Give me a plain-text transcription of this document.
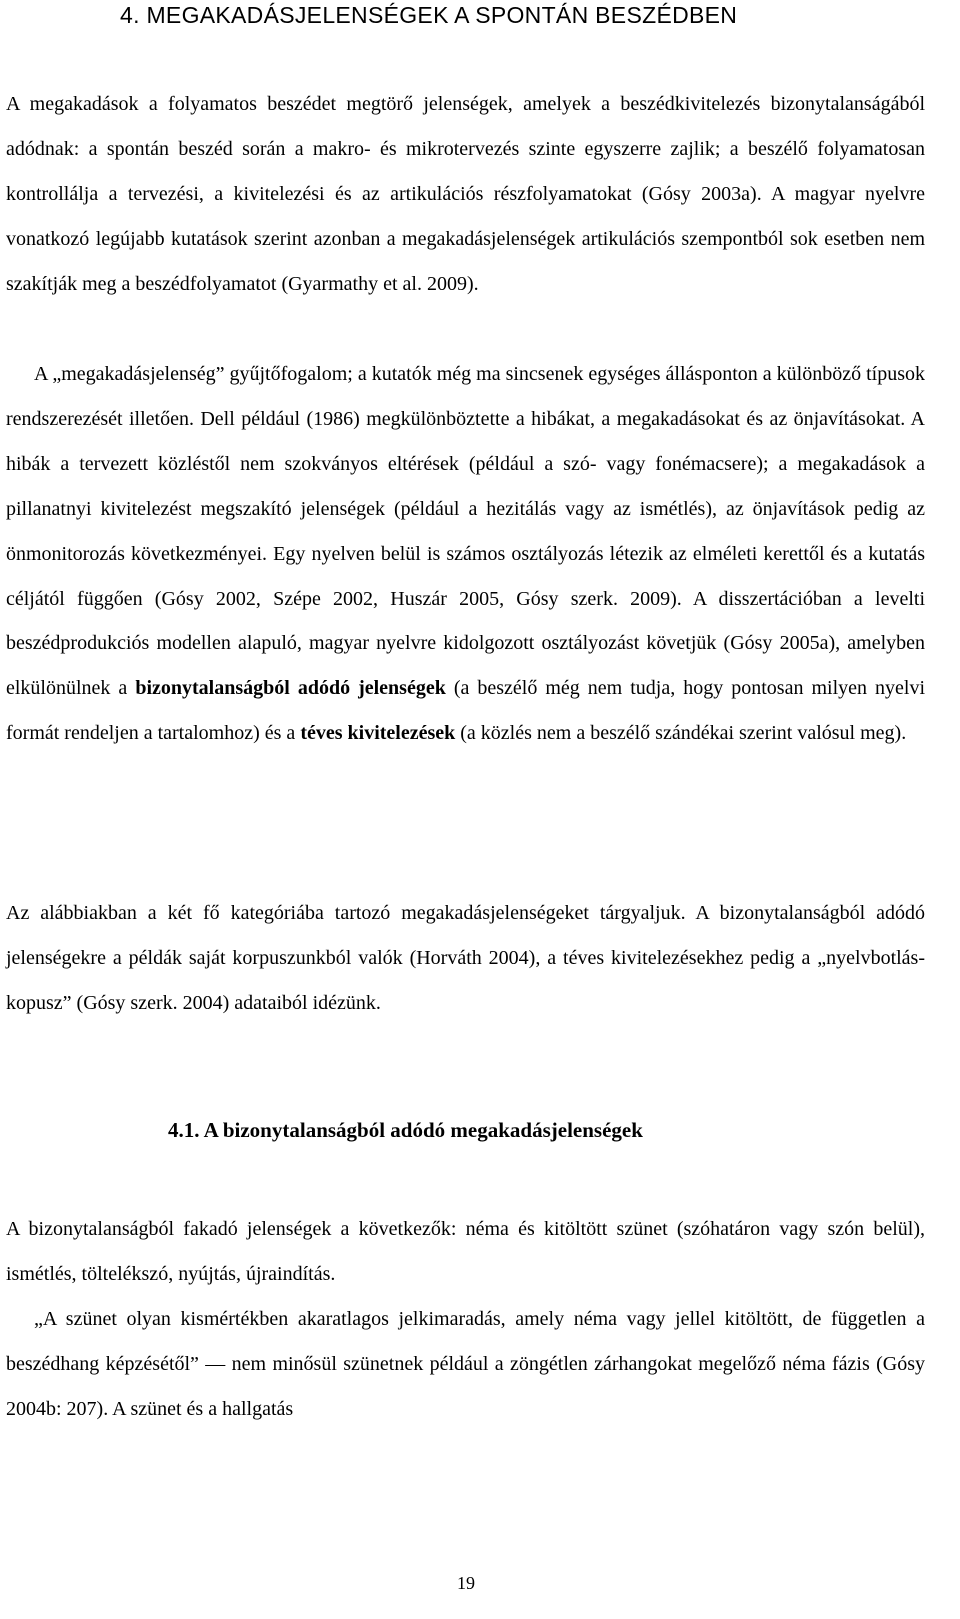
4. MEGAKADÁSJELENSÉGEK A SPONTÁN BESZÉDBEN

A megakadások a folyamatos beszédet megtörő jelenségek, amelyek a beszédkivitelezés bizonytalanságából adódnak: a spontán beszéd során a makro- és mikrotervezés szinte egyszerre zajlik; a beszélő folyamatosan kontrollálja a tervezési, a kivitelezési és az artikulációs részfolyamatokat (Gósy 2003a). A magyar nyelvre vonatkozó legújabb kutatások szerint azonban a megakadásjelenségek artikulációs szempontból sok esetben nem szakítják meg a beszédfolyamatot (Gyarmathy et al. 2009).

A „megakadásjelenség” gyűjtőfogalom; a kutatók még ma sincsenek egységes állásponton a különböző típusok rendszerezését illetően. Dell például (1986) megkülönböztette a hibákat, a megakadásokat és az önjavításokat. A hibák a tervezett közléstől nem szokványos eltérések (például a szó- vagy fonémacsere); a megakadások a pillanatnyi kivitelezést megszakító jelenségek (például a hezitálás vagy az ismétlés), az önjavítások pedig az önmonitorozás következményei. Egy nyelven belül is számos osztályozás létezik az elméleti kerettől és a kutatás céljától függően (Gósy 2002, Szépe 2002, Huszár 2005, Gósy szerk. 2009). A disszertációban a levelti beszédprodukciós modellen alapuló, magyar nyelvre kidolgozott osztályozást követjük (Gósy 2005a), amelyben elkülönülnek a bizonytalanságból adódó jelenségek (a beszélő még nem tudja, hogy pontosan milyen nyelvi formát rendeljen a tartalomhoz) és a téves kivitelezések (a közlés nem a beszélő szándékai szerint valósul meg).

Az alábbiakban a két fő kategóriába tartozó megakadásjelenségeket tárgyaljuk. A bizonytalanságból adódó jelenségekre a példák saját korpuszunkból valók (Horváth 2004), a téves kivitelezésekhez pedig a „nyelvbotlás-kopusz” (Gósy szerk. 2004) adataiból idézünk.

4.1. A bizonytalanságból adódó megakadásjelenségek

A bizonytalanságból fakadó jelenségek a következők: néma és kitöltött szünet (szóhatáron vagy szón belül), ismétlés, töltelékszó, nyújtás, újraindítás.

„A szünet olyan kismértékben akaratlagos jelkimaradás, amely néma vagy jellel kitöltött, de független a beszédhang képzésétől” — nem minősül szünetnek például a zöngétlen zárhangokat megelőző néma fázis (Gósy 2004b: 207). A szünet és a hallgatás

19
